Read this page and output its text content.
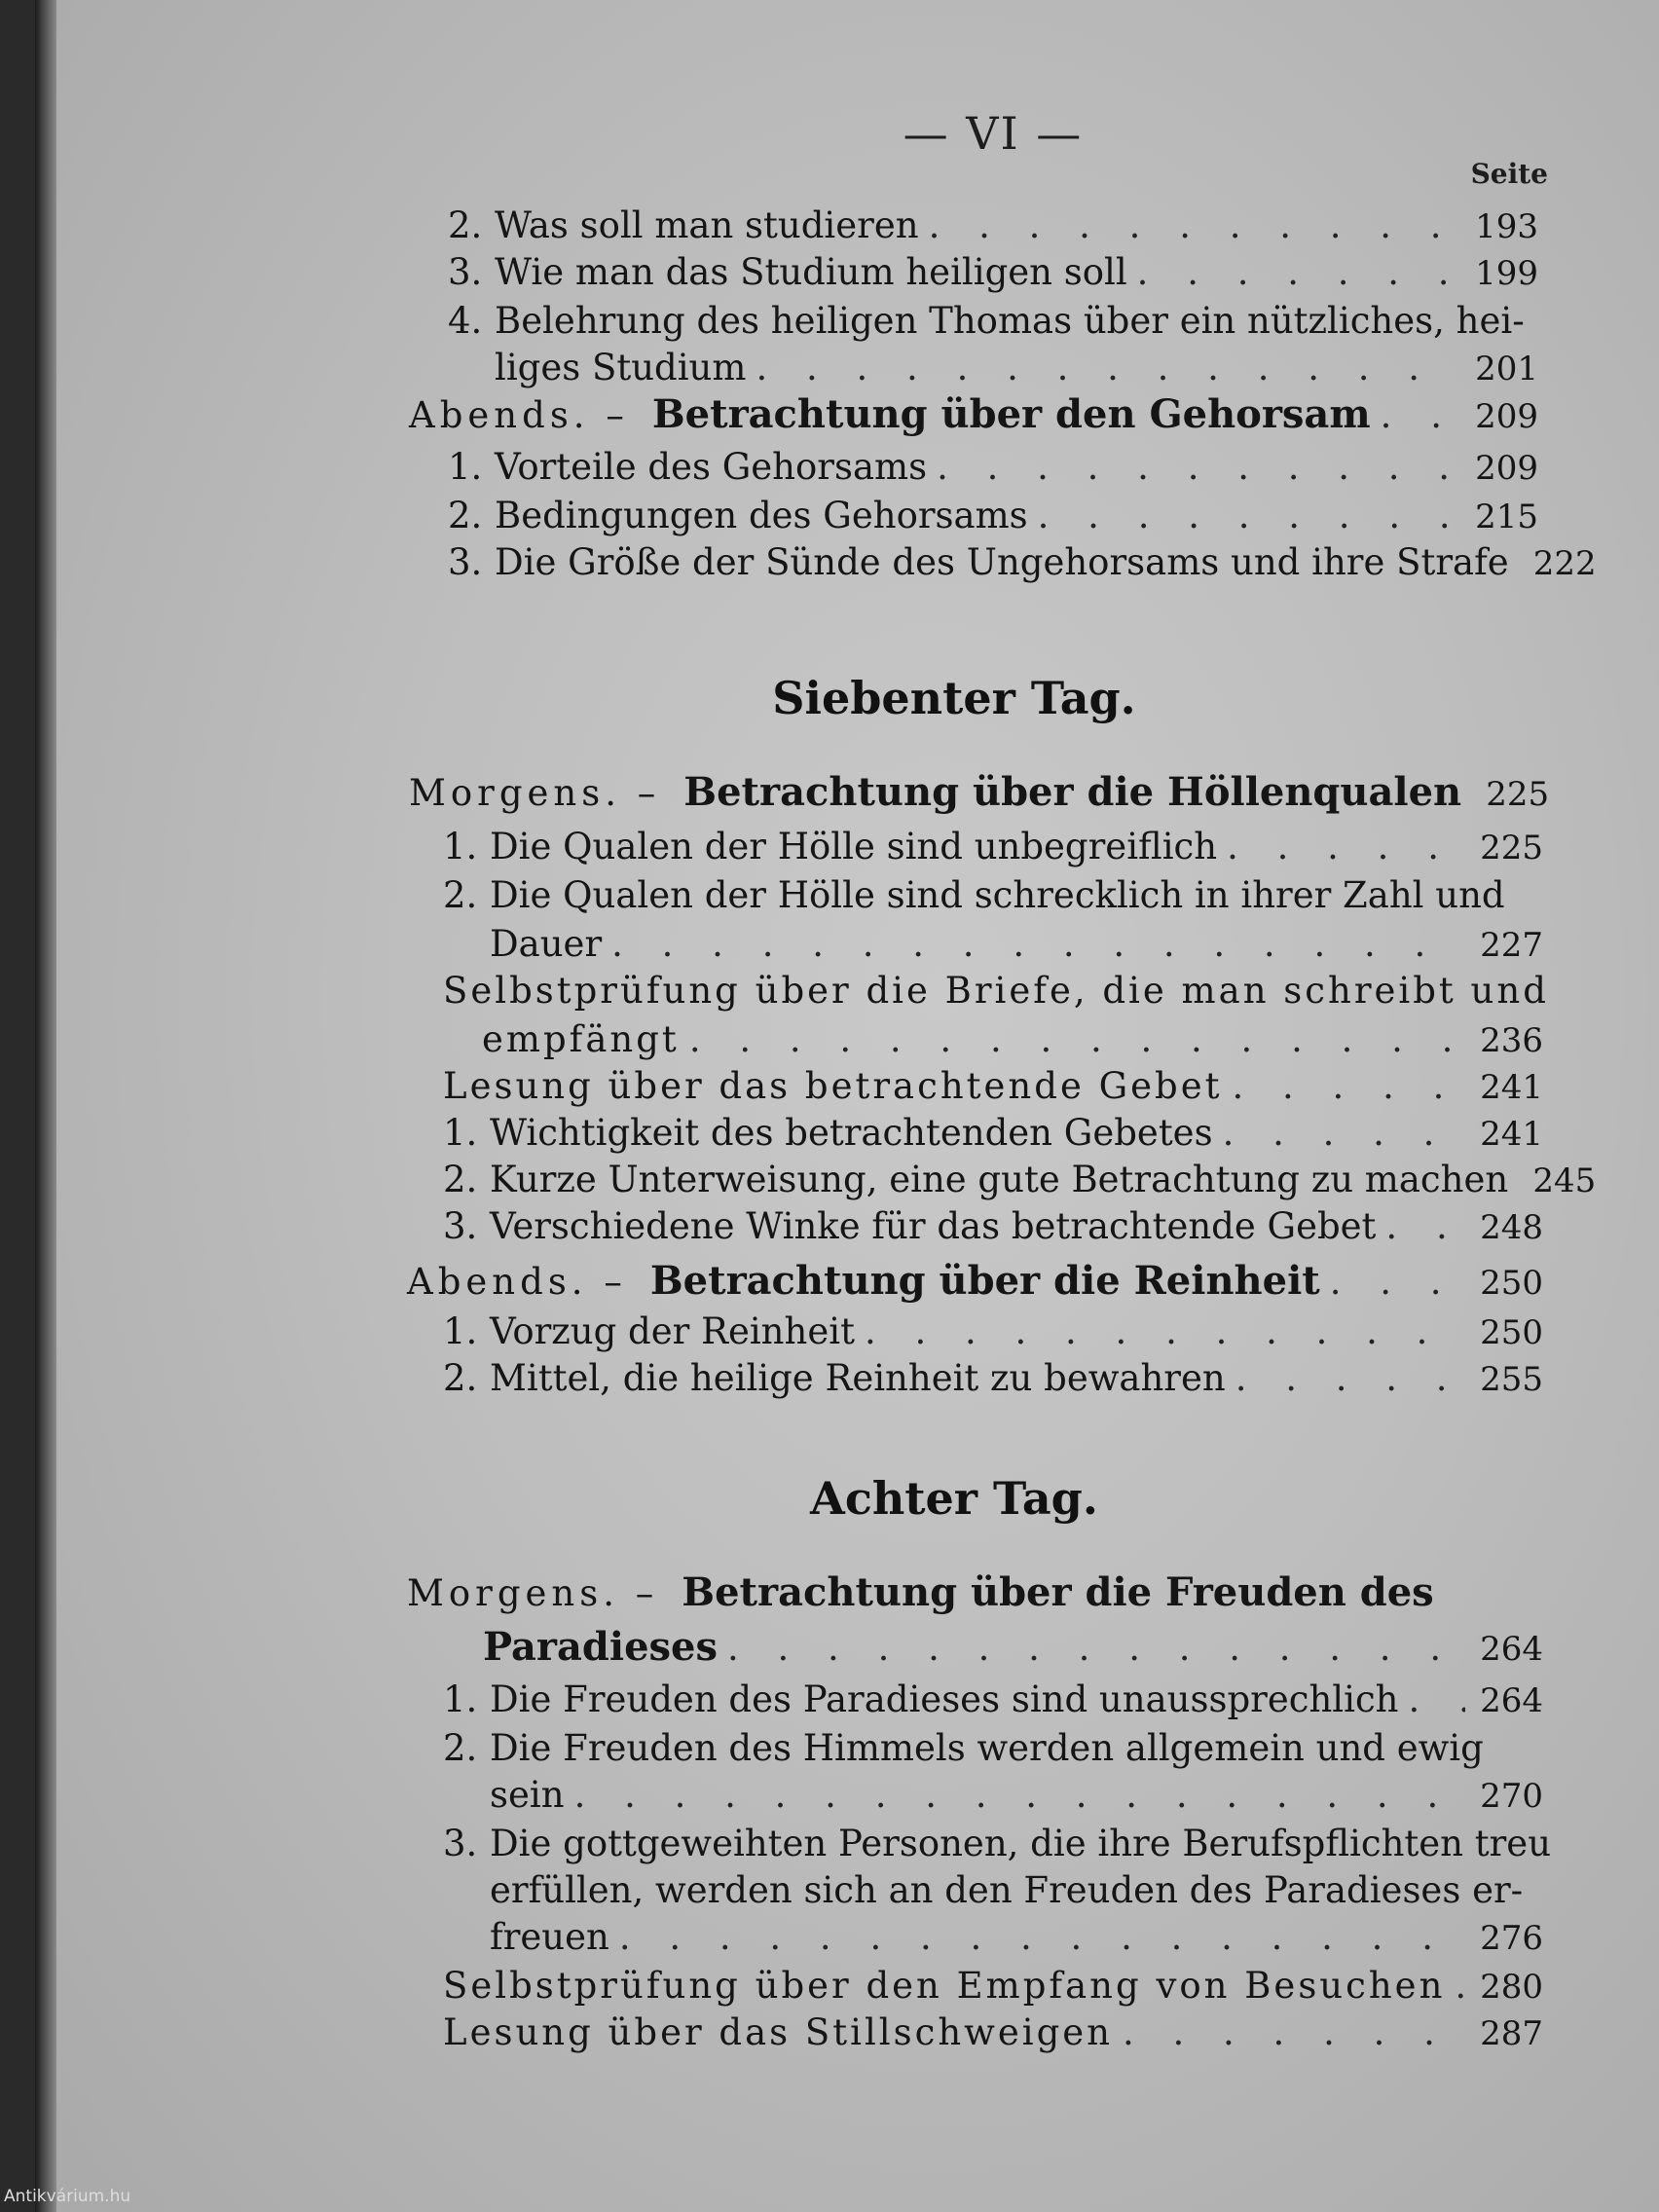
— VI —
Seite
2. Was soll man studieren . . .	193
3. Wie man das Studium heiligen soll . . .	199
4. Belehrung des heiligen Thomas über ein nützliches, hei-
liges Studium . . .	201
Abends. – Betrachtung über den Gehorsam . . .	209
1. Vorteile des Gehorsams . . .	209
2. Bedingungen des Gehorsams . . .	215
3. Die Größe der Sünde des Ungehorsams und ihre Strafe 222
Siebenter Tag.
Morgens. – Betrachtung über die Höllenqualen 225
1. Die Qualen der Hölle sind unbegreiflich . . .	225
2. Die Qualen der Hölle sind schrecklich in ihrer Zahl und
Dauer . . .	227
Selbstprüfung über die Briefe, die man schreibt und
empfängt . . .	236
Lesung über das betrachtende Gebet . . .	241
1. Wichtigkeit des betrachtenden Gebetes . . .	241
2. Kurze Unterweisung, eine gute Betrachtung zu machen 245
3. Verschiedene Winke für das betrachtende Gebet . . .	248
Abends. – Betrachtung über die Reinheit . . .	250
1. Vorzug der Reinheit . . .	250
2. Mittel, die heilige Reinheit zu bewahren . . .	255
Achter Tag.
Morgens. – Betrachtung über die Freuden des
Paradieses . . .	264
1. Die Freuden des Paradieses sind unaussprechlich . . . 264
2. Die Freuden des Himmels werden allgemein und ewig
sein . . .	270
3. Die gottgeweihten Personen, die ihre Berufspflichten treu
erfüllen, werden sich an den Freuden des Paradieses er-
freuen . . .	276
Selbstprüfung über den Empfang von Besuchen . . . 280
Lesung über das Stillschweigen . . .	287
Antikvárium.hu
